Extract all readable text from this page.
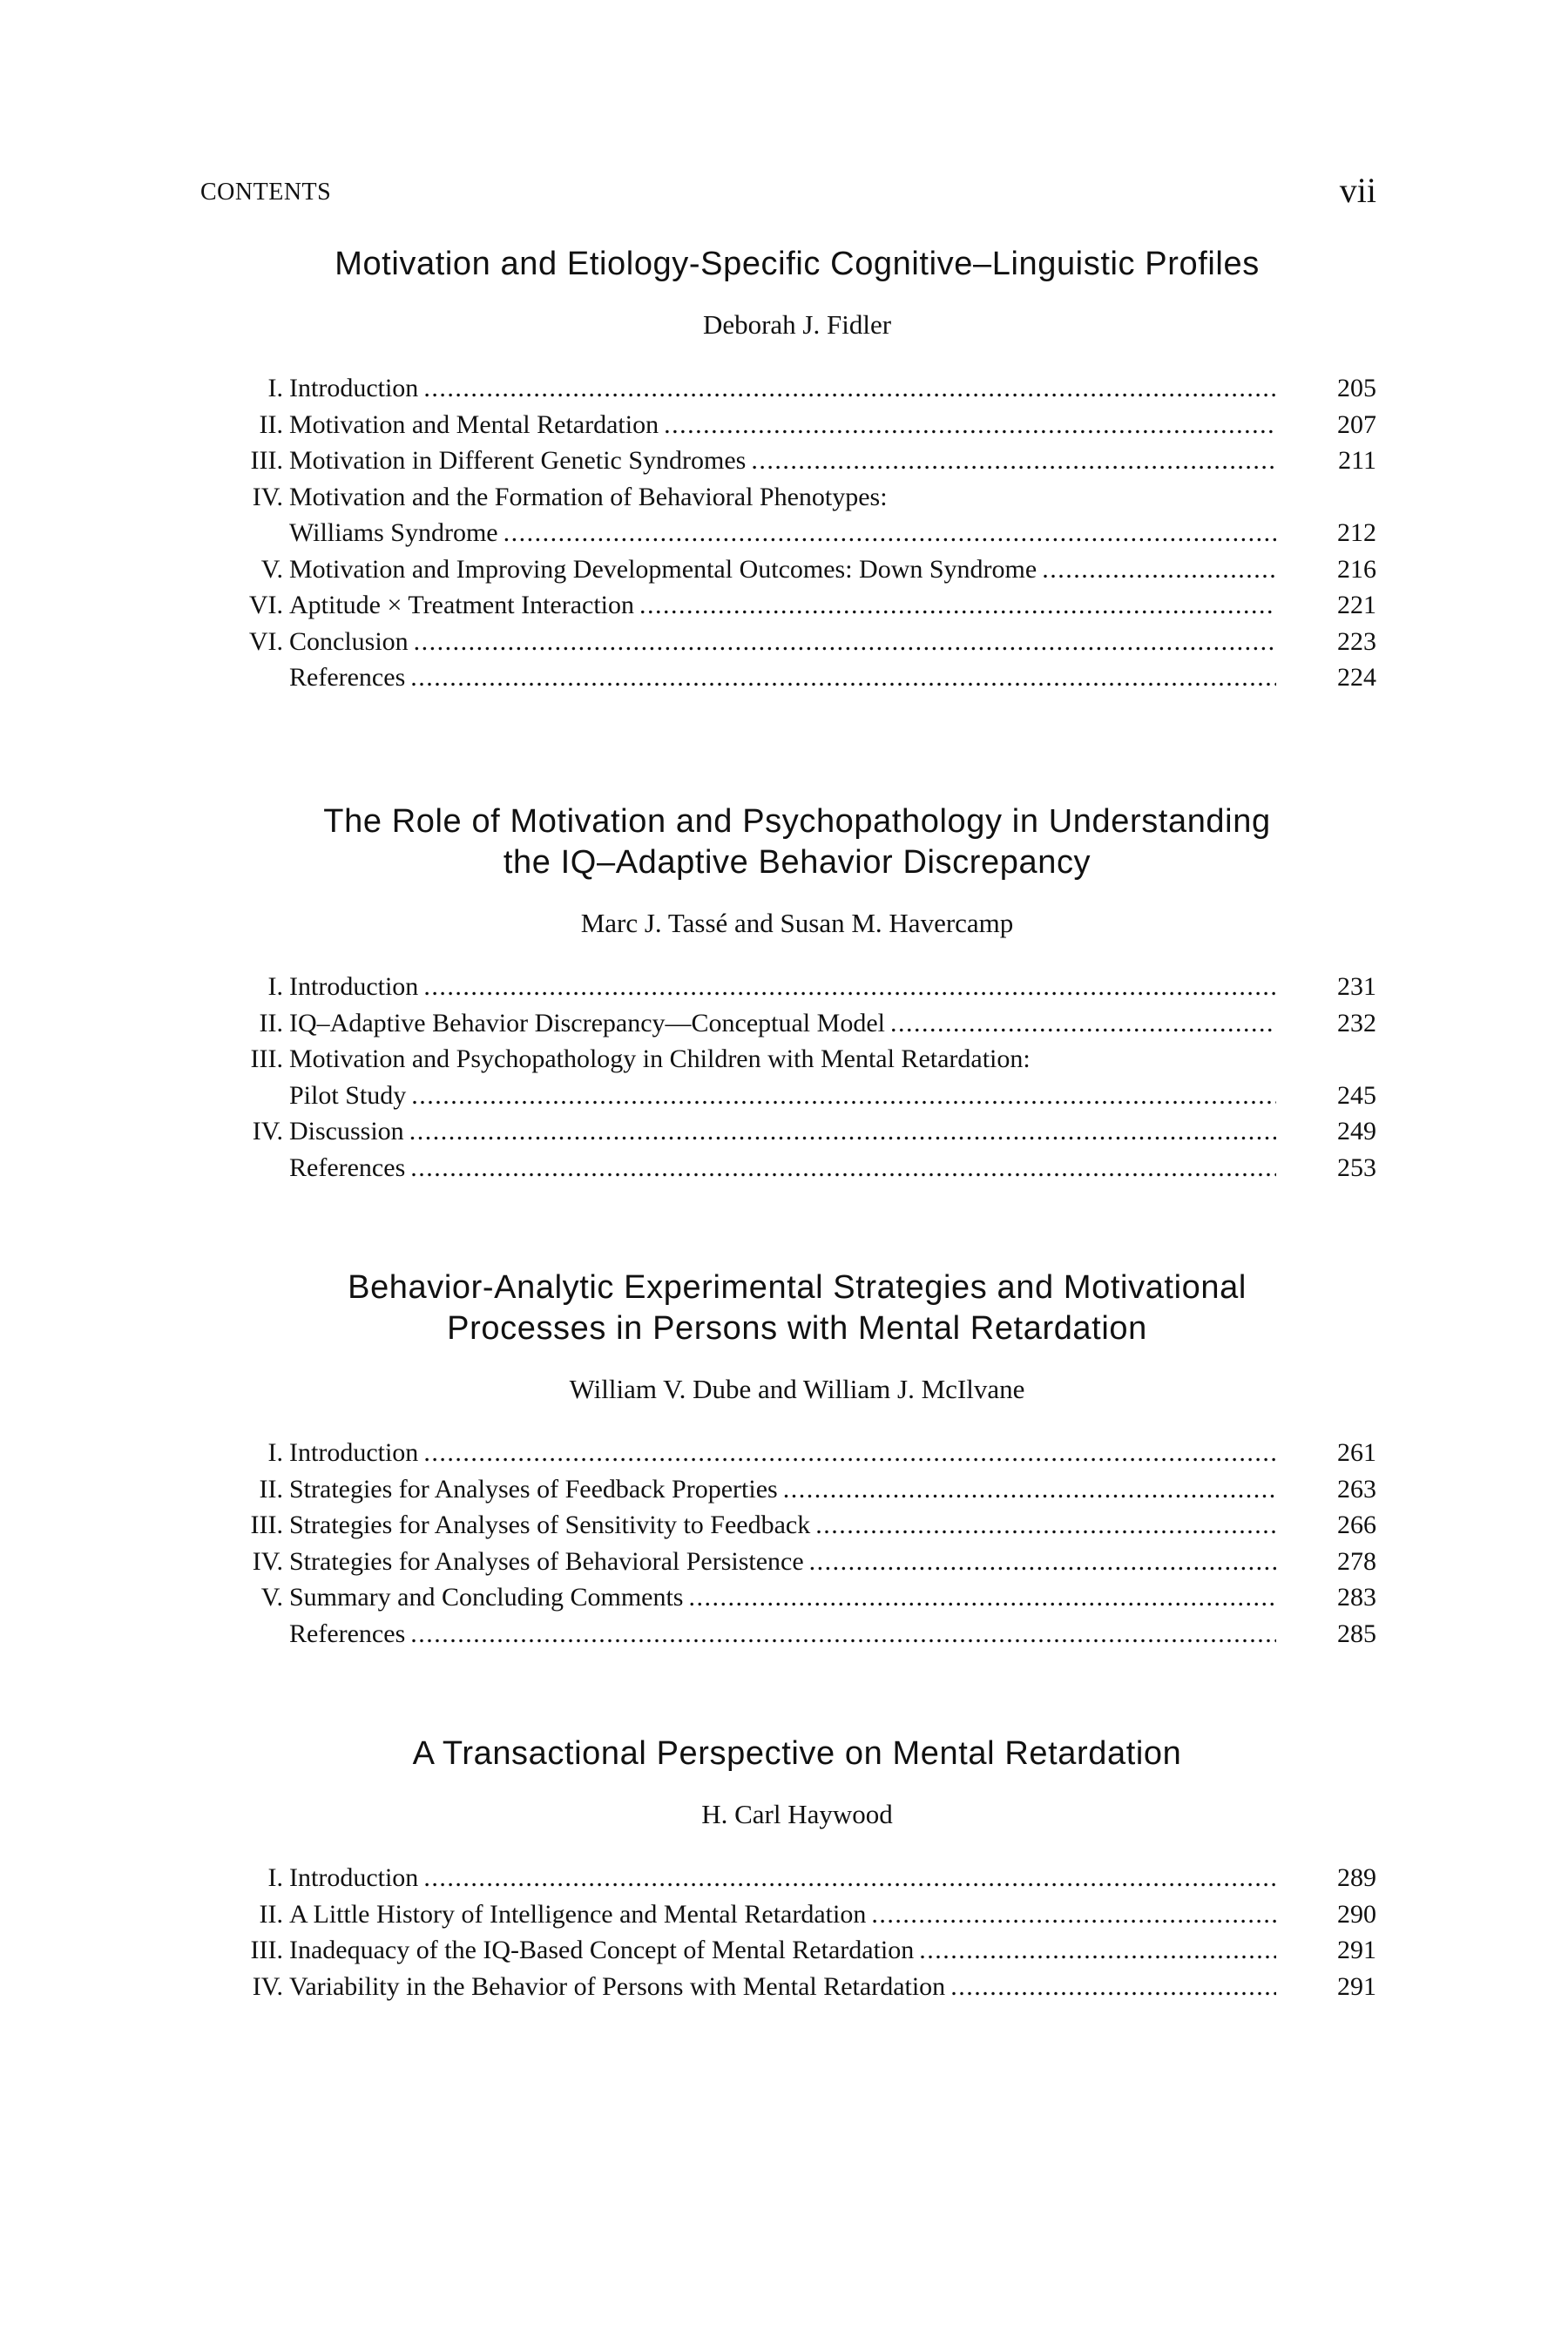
CONTENTS	vii
Motivation and Etiology-Specific Cognitive–Linguistic Profiles
Deborah J. Fidler
I. Introduction . . .	205
II. Motivation and Mental Retardation . . .	207
III. Motivation in Different Genetic Syndromes . . .	211
IV. Motivation and the Formation of Behavioral Phenotypes:
Williams Syndrome . . .	212
V. Motivation and Improving Developmental Outcomes: Down Syndrome . . .	216
VI. Aptitude × Treatment Interaction . . .	221
VI. Conclusion . . .	223
References . . .	224
The Role of Motivation and Psychopathology in Understanding
the IQ–Adaptive Behavior Discrepancy
Marc J. Tassé and Susan M. Havercamp
I. Introduction . . .	231
II. IQ–Adaptive Behavior Discrepancy—Conceptual Model . . .	232
III. Motivation and Psychopathology in Children with Mental Retardation:
Pilot Study . . .	245
IV. Discussion . . .	249
References . . .	253
Behavior-Analytic Experimental Strategies and Motivational
Processes in Persons with Mental Retardation
William V. Dube and William J. McIlvane
I. Introduction . . .	261
II. Strategies for Analyses of Feedback Properties . . .	263
III. Strategies for Analyses of Sensitivity to Feedback . . .	266
IV. Strategies for Analyses of Behavioral Persistence . . .	278
V. Summary and Concluding Comments . . .	283
References . . .	285
A Transactional Perspective on Mental Retardation
H. Carl Haywood
I. Introduction . . .	289
II. A Little History of Intelligence and Mental Retardation . . .	290
III. Inadequacy of the IQ-Based Concept of Mental Retardation . . .	291
IV. Variability in the Behavior of Persons with Mental Retardation . . .	291
